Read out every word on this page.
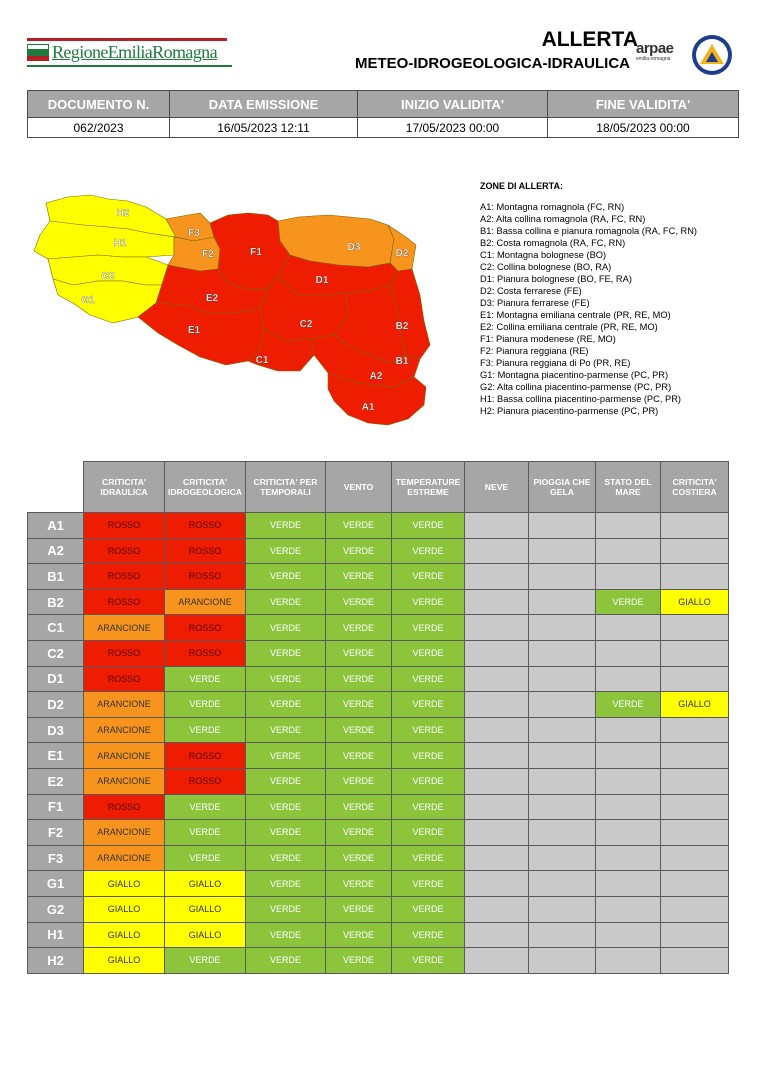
RegioneEmiliaRomagna
ALLERTA
METEO-IDROGEOLOGICA-IDRAULICA
arpae
emilia-romagna
DOCUMENTO N.	DATA EMISSIONE	INIZIO VALIDITA'	FINE VALIDITA'
062/2023	16/05/2023 12:11	17/05/2023 00:00	18/05/2023 00:00
H2
H1
G2
G1
F3
F2	F1	D3
D2
D1
E2
E1
C2
C1
B2
B1
A2
A1
ZONE DI ALLERTA:
A1: Montagna romagnola (FC, RN)
A2: Alta collina romagnola (RA, FC, RN)
B1: Bassa collina e pianura romagnola (RA, FC, RN)
B2: Costa romagnola (RA, FC, RN)
C1: Montagna bolognese (BO)
C2: Collina bolognese (BO, RA)
D1: Pianura bolognese (BO, FE, RA)
D2: Costa ferrarese (FE)
D3: Pianura ferrarese (FE)
E1: Montagna emiliana centrale (PR, RE, MO)
E2: Collina emiliana centrale (PR, RE, MO)
F1: Pianura modenese (RE, MO)
F2: Pianura reggiana (RE)
F3: Pianura reggiana di Po (PR, RE)
G1: Montagna piacentino-parmense (PC, PR)
G2: Alta collina piacentino-parmense (PC, PR)
H1: Bassa collina piacentino-parmense (PC, PR)
H2: Pianura piacentino-parmense (PC, PR)
	CRITICITA' IDRAULICA	CRITICITA' IDROGEOLOGICA	CRITICITA' PER TEMPORALI	VENTO	TEMPERATURE ESTREME	NEVE	PIOGGIA CHE GELA	STATO DEL MARE	CRITICITA' COSTIERA
A1	ROSSO	ROSSO	VERDE	VERDE	VERDE				
A2	ROSSO	ROSSO	VERDE	VERDE	VERDE				
B1	ROSSO	ROSSO	VERDE	VERDE	VERDE				
B2	ROSSO	ARANCIONE	VERDE	VERDE	VERDE			VERDE	GIALLO
C1	ARANCIONE	ROSSO	VERDE	VERDE	VERDE				
C2	ROSSO	ROSSO	VERDE	VERDE	VERDE				
D1	ROSSO	VERDE	VERDE	VERDE	VERDE				
D2	ARANCIONE	VERDE	VERDE	VERDE	VERDE			VERDE	GIALLO
D3	ARANCIONE	VERDE	VERDE	VERDE	VERDE				
E1	ARANCIONE	ROSSO	VERDE	VERDE	VERDE				
E2	ARANCIONE	ROSSO	VERDE	VERDE	VERDE				
F1	ROSSO	VERDE	VERDE	VERDE	VERDE				
F2	ARANCIONE	VERDE	VERDE	VERDE	VERDE				
F3	ARANCIONE	VERDE	VERDE	VERDE	VERDE				
G1	GIALLO	GIALLO	VERDE	VERDE	VERDE				
G2	GIALLO	GIALLO	VERDE	VERDE	VERDE				
H1	GIALLO	GIALLO	VERDE	VERDE	VERDE				
H2	GIALLO	VERDE	VERDE	VERDE	VERDE				
